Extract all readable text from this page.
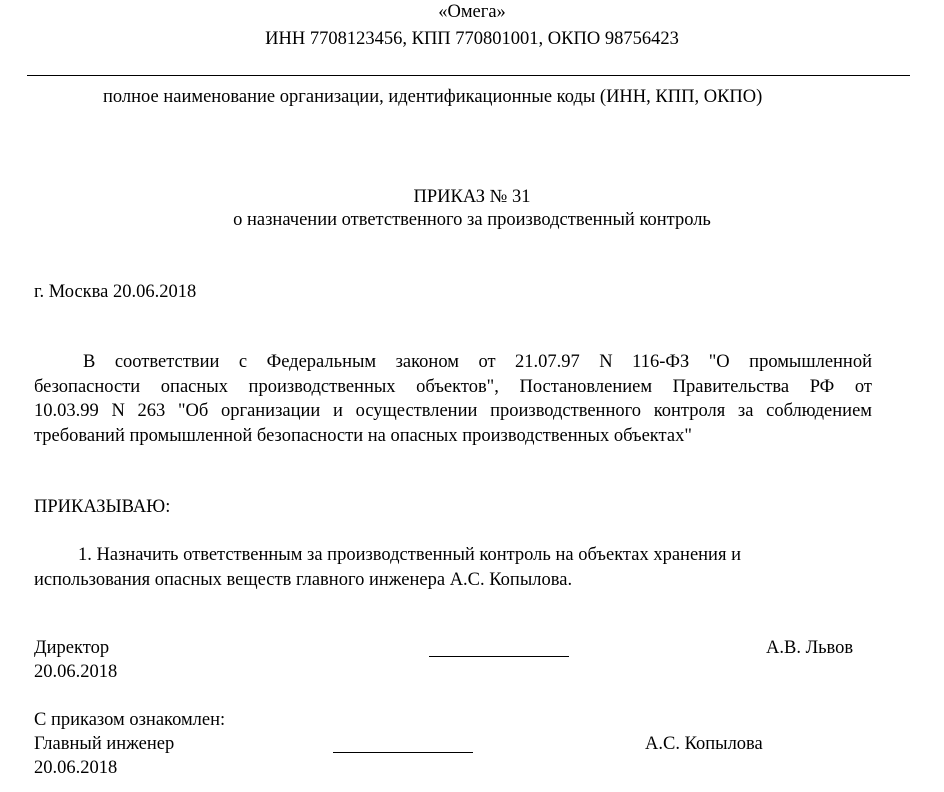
«Омега»
ИНН 7708123456, КПП 770801001, ОКПО 98756423
полное наименование организации, идентификационные коды (ИНН, КПП, ОКПО)
ПРИКАЗ № 31
о назначении ответственного за производственный контроль
г. Москва 20.06.2018
В соответствии с Федеральным законом от 21.07.97 N 116-ФЗ "О промышленной
безопасности опасных производственных объектов", Постановлением Правительства РФ от
10.03.99 N 263 "Об организации и осуществлении производственного контроля за соблюдением
требований промышленной безопасности на опасных производственных объектах"
ПРИКАЗЫВАЮ:
1. Назначить ответственным за производственный контроль на объектах хранения и
использования опасных веществ главного инженера А.С. Копылова.
Директор	А.В. Львов
20.06.2018
С приказом ознакомлен:
Главный инженер	А.С. Копылова
20.06.2018
